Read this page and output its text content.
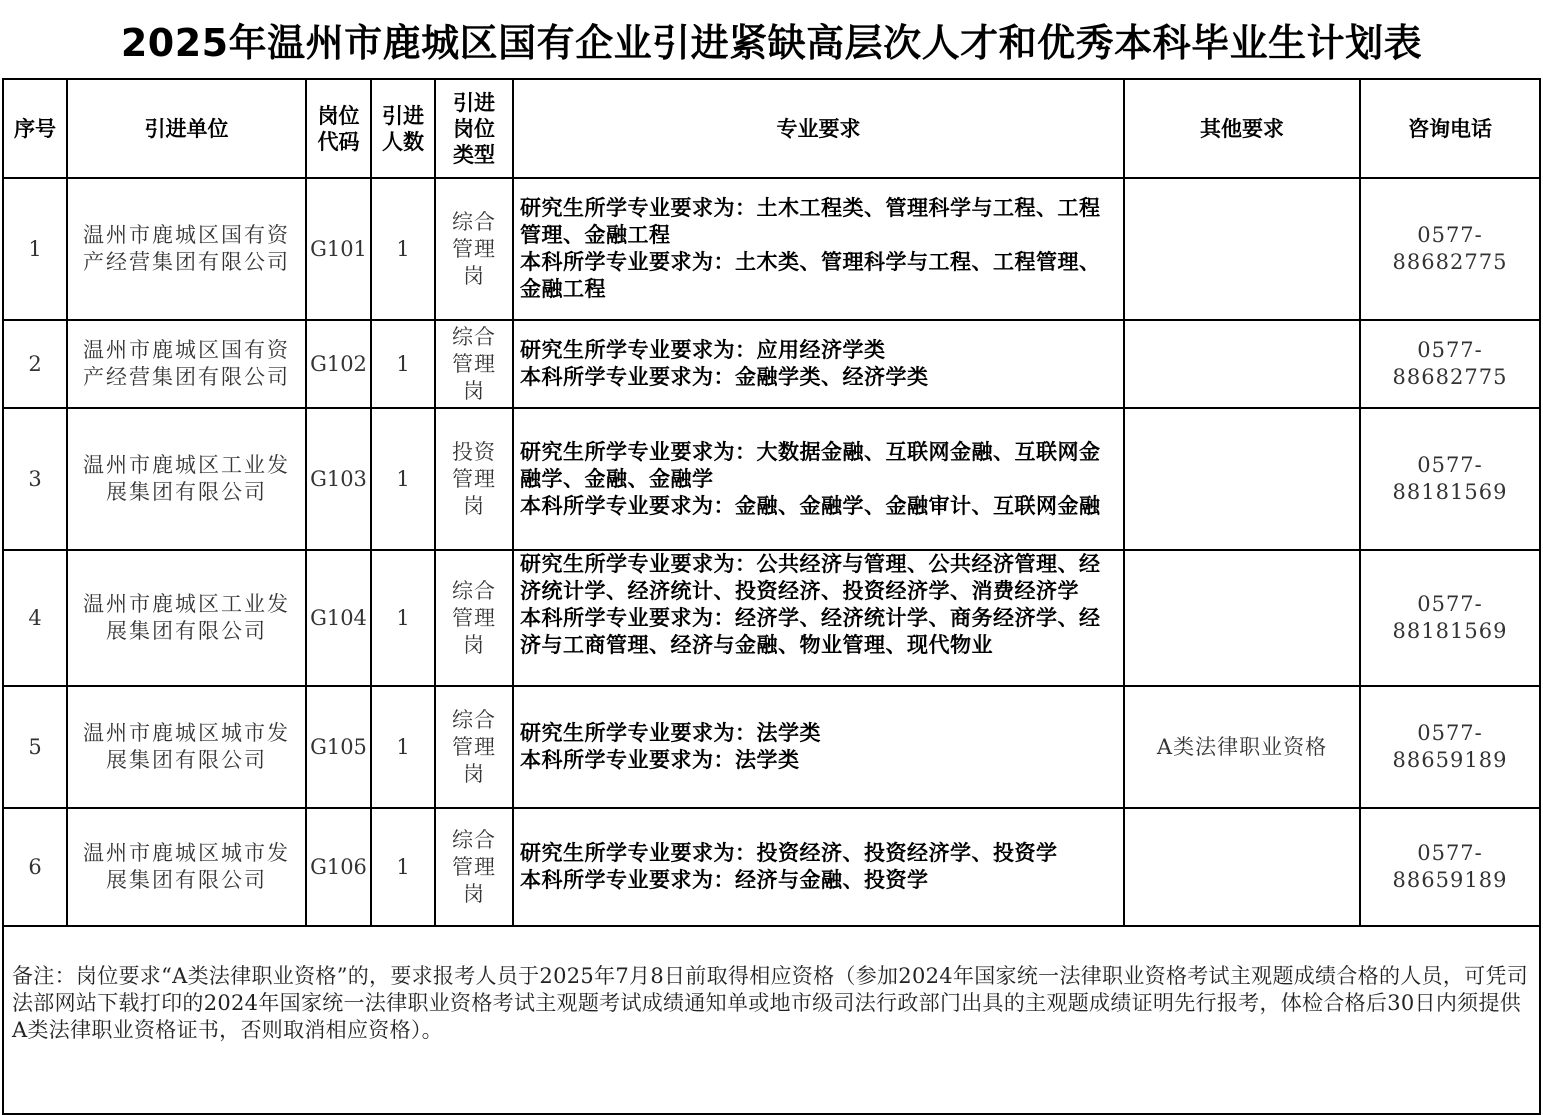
2025年温州市鹿城区国有企业引进紧缺高层次人才和优秀本科毕业生计划表
序号	引进单位	岗位代码	引进人数	引进岗位类型	专业要求	其他要求	咨询电话
1	温州市鹿城区国有资产经营集团有限公司	G101	1	综合管理岗	研究生所学专业要求为：土木工程类、管理科学与工程、工程管理、金融工程
本科所学专业要求为：土木类、管理科学与工程、工程管理、金融工程		0577-88682775
2	温州市鹿城区国有资产经营集团有限公司	G102	1	综合管理岗	研究生所学专业要求为：应用经济学类
本科所学专业要求为：金融学类、经济学类		0577-88682775
3	温州市鹿城区工业发展集团有限公司	G103	1	投资管理岗	研究生所学专业要求为：大数据金融、互联网金融、互联网金融学、金融、金融学
本科所学专业要求为：金融、金融学、金融审计、互联网金融		0577-88181569
4	温州市鹿城区工业发展集团有限公司	G104	1	综合管理岗	研究生所学专业要求为：公共经济与管理、公共经济管理、经济统计学、经济统计、投资经济、投资经济学、消费经济学
本科所学专业要求为：经济学、经济统计学、商务经济学、经济与工商管理、经济与金融、物业管理、现代物业		0577-88181569
5	温州市鹿城区城市发展集团有限公司	G105	1	综合管理岗	研究生所学专业要求为：法学类
本科所学专业要求为：法学类	A类法律职业资格	0577-88659189
6	温州市鹿城区城市发展集团有限公司	G106	1	综合管理岗	研究生所学专业要求为：投资经济、投资经济学、投资学
本科所学专业要求为：经济与金融、投资学		0577-88659189
备注：岗位要求“A类法律职业资格”的，要求报考人员于2025年7月8日前取得相应资格（参加2024年国家统一法律职业资格考试主观题成绩合格的人员，可凭司法部网站下载打印的2024年国家统一法律职业资格考试主观题考试成绩通知单或地市级司法行政部门出具的主观题成绩证明先行报考，体检合格后30日内须提供A类法律职业资格证书，否则取消相应资格）。							
